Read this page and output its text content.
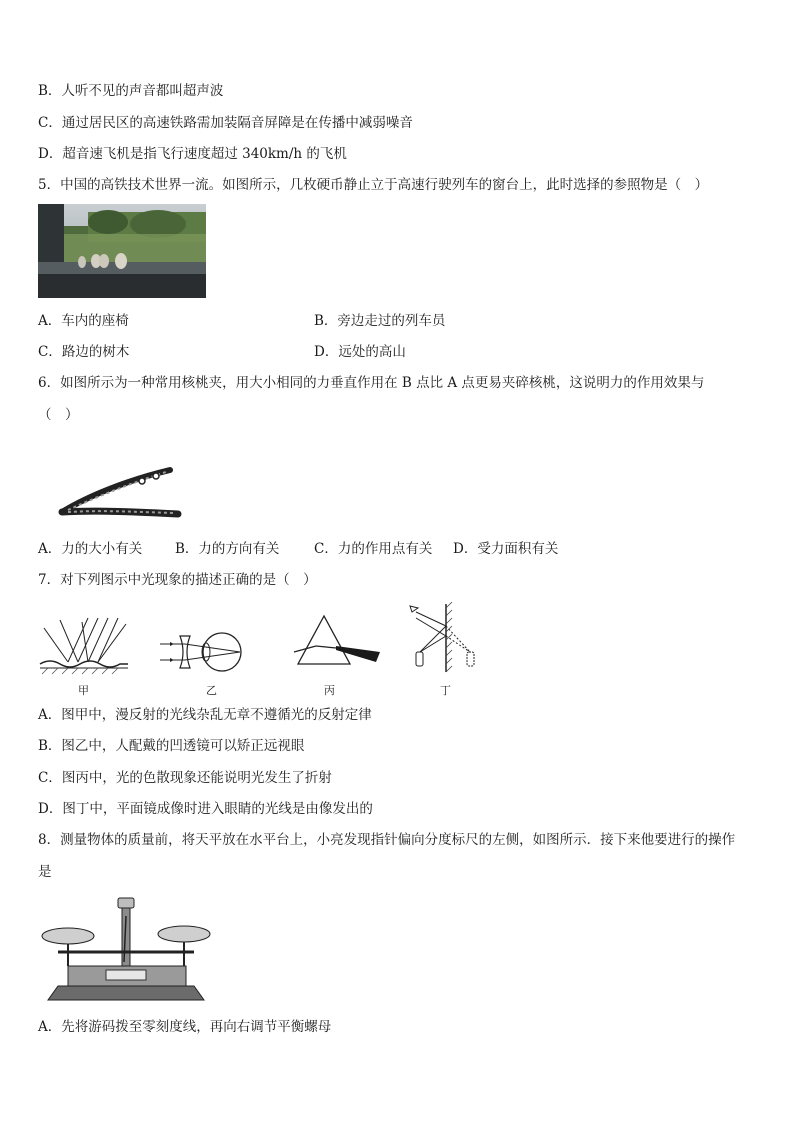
B．人听不见的声音都叫超声波
C．通过居民区的高速铁路需加装隔音屏障是在传播中减弱噪音
D．超音速飞机是指飞行速度超过 340km/h 的飞机
5．中国的高铁技术世界一流。如图所示，几枚硬币静止立于高速行驶列车的窗台上，此时选择的参照物是（　）
A．车内的座椅	B．旁边走过的列车员
C．路边的树木	D．远处的高山
6．如图所示为一种常用核桃夹，用大小相同的力垂直作用在 B 点比 A 点更易夹碎核桃，这说明力的作用效果与
（　）
A．力的大小有关 B．力的方向有关	C．力的作用点有关 D．受力面积有关
7．对下列图示中光现象的描述正确的是（　）
甲	乙	丙	丁
A．图甲中，漫反射的光线杂乱无章不遵循光的反射定律
B．图乙中，人配戴的凹透镜可以矫正远视眼
C．图丙中，光的色散现象还能说明光发生了折射
D．图丁中，平面镜成像时进入眼睛的光线是由像发出的
8．测量物体的质量前，将天平放在水平台上，小亮发现指针偏向分度标尺的左侧，如图所示．接下来他要进行的操作
是
A．先将游码拨至零刻度线，再向右调节平衡螺母
